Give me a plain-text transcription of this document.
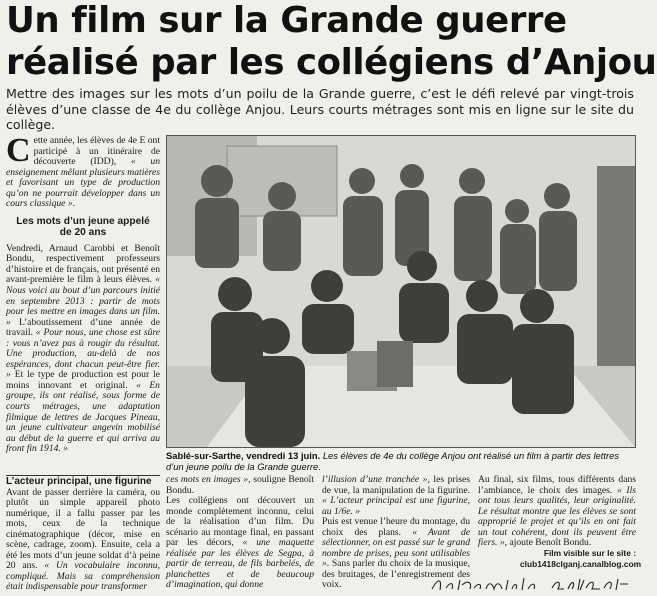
Un film sur la Grande guerre
réalisé par les collégiens d’Anjou

Mettre des images sur les mots d’un poilu de la Grande guerre, c’est le défi relevé par vingt-trois élèves d’une classe de 4e du collège Anjou. Leurs courts métrages sont mis en ligne sur le site du collège.

Cette année, les élèves de 4e E ont participé à un itinéraire de découverte (IDD), « un enseignement mêlant plusieurs matières et favorisant un type de production qu’on ne pourrait développer dans un cours classique ».

Les mots d’un jeune appelé
de 20 ans

Vendredi, Arnaud Carobbi et Benoît Bondu, respectivement professeurs d’histoire et de français, ont présenté en avant-première le film à leurs élèves. « Nous voici au bout d’un parcours initié en septembre 2013 : partir de mots pour les mettre en images dans un film. » L’aboutissement d’une année de travail. « Pour nous, une chose est sûre : vous n’avez pas à rougir du résultat. Une production, au-delà de nos espérances, dont chacun peut-être fier. » Et le type de production est pour le moins innovant et original. « En groupe, ils ont réalisé, sous forme de courts métrages, une adaptation filmique de lettres de Jacques Pineau, un jeune cultivateur angevin mobilisé au début de la guerre et qui arriva au front fin 1914. »

Sablé-sur-Sarthe, vendredi 13 juin. Les élèves de 4e du collège Anjou ont réalisé un film à partir des lettres d’un jeune poilu de la Grande guerre.
L’acteur principal, une figurine

Avant de passer derrière la caméra, ou plutôt un simple appareil photo numérique, il a fallu passer par les mots, ceux de la technique cinématographique (décor, mise en scène, cadrage, zoom). Ensuite, cela a été les mots d’un jeune soldat d’à peine 20 ans. « Un vocabulaire inconnu, compliqué. Mais sa compréhension était indispensable pour transformer

ces mots en images », souligne Benoît Bondu.

Les collégiens ont découvert un monde complètement inconnu, celui de la réalisation d’un film. Du scénario au montage final, en passant par les décors, « une maquette réalisée par les élèves de Segpa, à partir de terreau, de fils barbelés, de planchettes et de beaucoup d’imagination, qui donne

l’illusion d’une tranchée », les prises de vue, la manipulation de la figurine. « L’acteur principal est une figurine, au 1/6e. »

Puis est venue l’heure du montage, du choix des plans. « Avant de sélectionner, on est passé sur le grand nombre de prises, peu sont utilisables ». Sans parler du choix de la musique, des bruitages, de l’enregistrement des voix.

Au final, six films, tous différents dans l’ambiance, le choix des images. « Ils ont tous leurs qualités, leur originalité. Le résultat montre que les élèves se sont approprié le projet et qu’ils en ont fait un tout cohérent, dont ils peuvent être fiers. », ajoute Benoît Bondu.

Film visible sur le site :
club1418clganj.canalblog.com
